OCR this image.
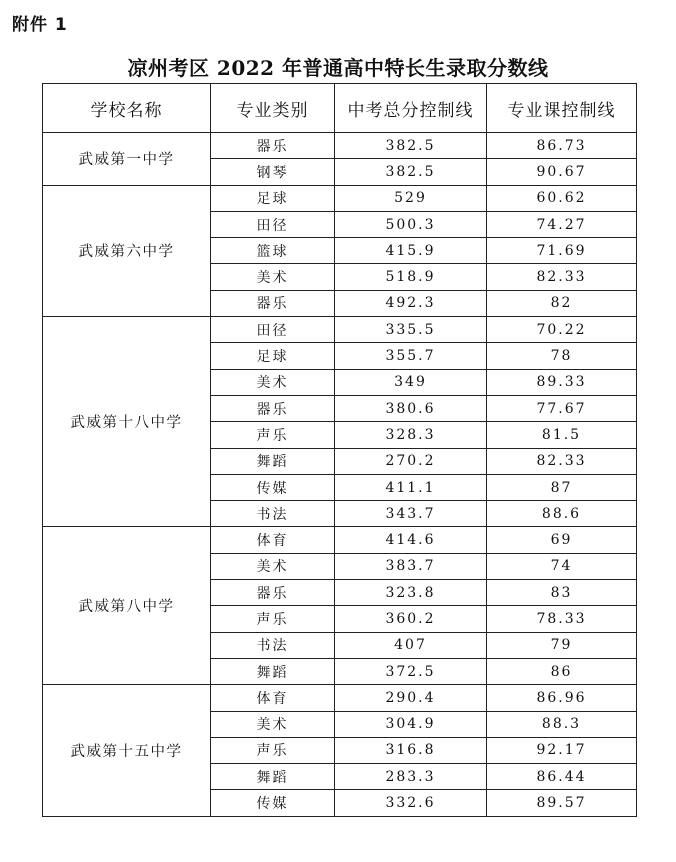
附件 1
凉州考区 2022 年普通高中特长生录取分数线
学校名称	专业类别	中考总分控制线	专业课控制线
武威第一中学	器乐	382.5	86.73
	钢琴	382.5	90.67
武威第六中学	足球	529	60.62
	田径	500.3	74.27
	篮球	415.9	71.69
	美术	518.9	82.33
	器乐	492.3	82
武威第十八中学	田径	335.5	70.22
	足球	355.7	78
	美术	349	89.33
	器乐	380.6	77.67
	声乐	328.3	81.5
	舞蹈	270.2	82.33
	传媒	411.1	87
	书法	343.7	88.6
武威第八中学	体育	414.6	69
	美术	383.7	74
	器乐	323.8	83
	声乐	360.2	78.33
	书法	407	79
	舞蹈	372.5	86
武威第十五中学	体育	290.4	86.96
	美术	304.9	88.3
	声乐	316.8	92.17
	舞蹈	283.3	86.44
	传媒	332.6	89.57
